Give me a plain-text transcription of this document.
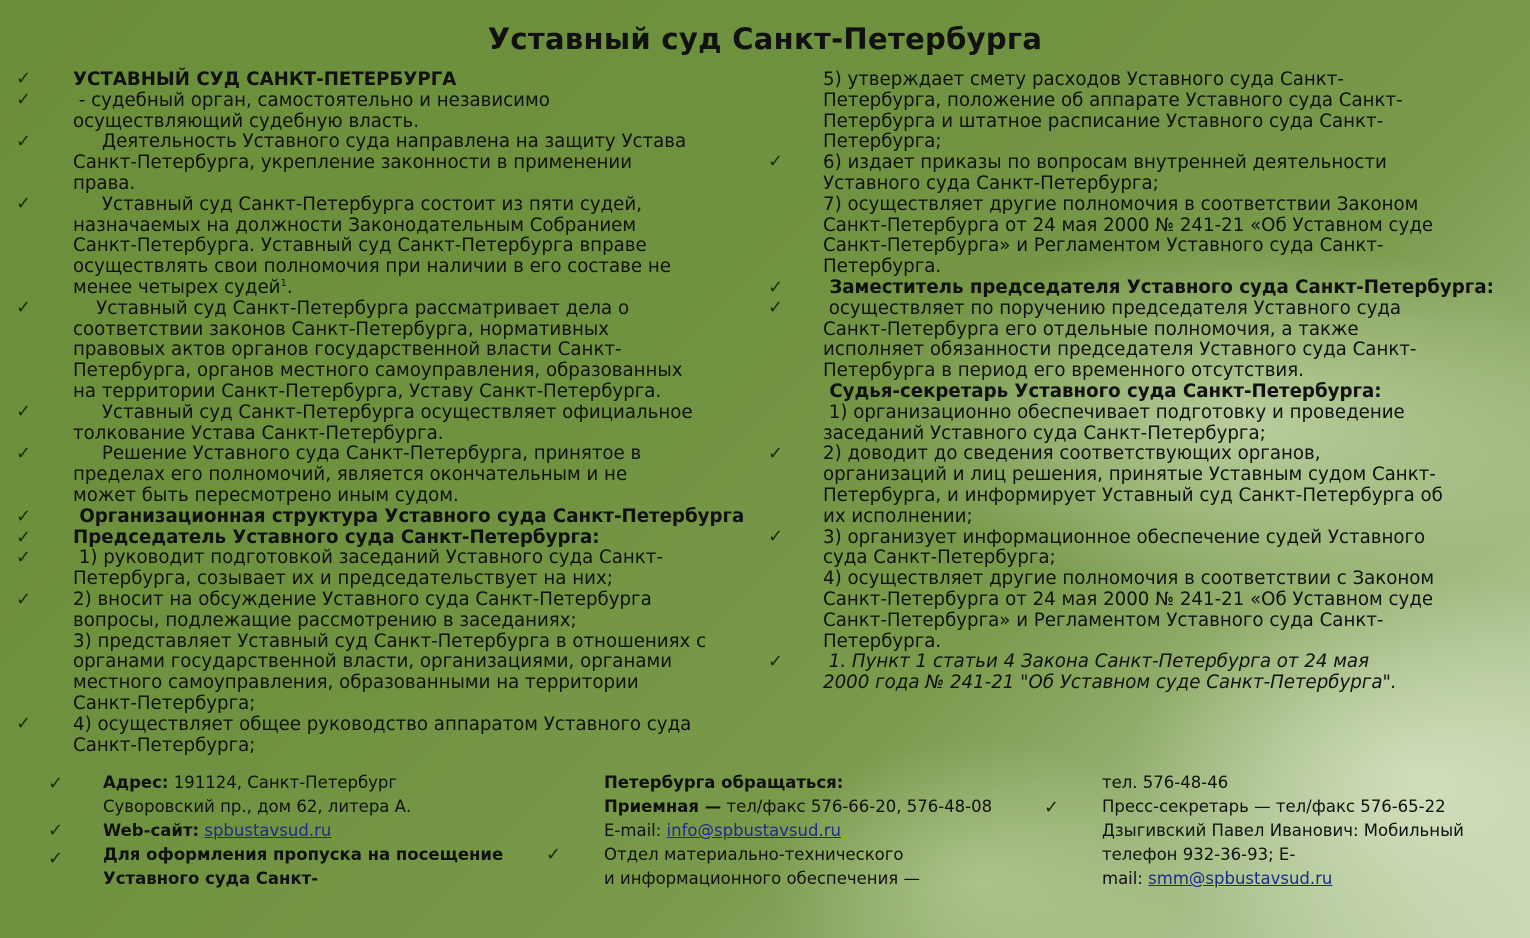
Уставный суд Санкт-Петербурга
✓
✓
✓
✓
✓
✓
✓
✓
✓
✓
✓
✓
✓
✓
✓
✓
✓
✓
УСТАВНЫЙ СУД САНКТ-ПЕТЕРБУРГА
- судебный орган, самостоятельно и независимо
осуществляющий судебную власть.
Деятельность Уставного суда направлена на защиту Устава
Санкт-Петербурга, укрепление законности в применении
права.
Уставный суд Санкт-Петербурга состоит из пяти судей,
назначаемых на должности Законодательным Собранием
Санкт-Петербурга. Уставный суд Санкт-Петербурга вправе
осуществлять свои полномочия при наличии в его составе не
менее четырех судей$^1$.
Уставный суд Санкт-Петербурга рассматривает дела о
соответствии законов Санкт-Петербурга, нормативных
правовых актов органов государственной власти Санкт-
Петербурга, органов местного самоуправления, образованных
на территории Санкт-Петербурга, Уставу Санкт-Петербурга.
Уставный суд Санкт-Петербурга осуществляет официальное
толкование Устава Санкт-Петербурга.
Решение Уставного суда Санкт-Петербурга, принятое в
пределах его полномочий, является окончательным и не
может быть пересмотрено иным судом.
Организационная структура Уставного суда Санкт-Петербурга
Председатель Уставного суда Санкт-Петербурга:
1) руководит подготовкой заседаний Уставного суда Санкт-
Петербурга, созывает их и председательствует на них;
2) вносит на обсуждение Уставного суда Санкт-Петербурга
вопросы, подлежащие рассмотрению в заседаниях;
3) представляет Уставный суд Санкт-Петербурга в отношениях с
органами государственной власти, организациями, органами
местного самоуправления, образованными на территории
Санкт-Петербурга;
4) осуществляет общее руководство аппаратом Уставного суда
Санкт-Петербурга;
5) утверждает смету расходов Уставного суда Санкт-
Петербурга, положение об аппарате Уставного суда Санкт-
Петербурга и штатное расписание Уставного суда Санкт-
Петербурга;
6) издает приказы по вопросам внутренней деятельности
Уставного суда Санкт-Петербурга;
7) осуществляет другие полномочия в соответствии Законом
Санкт-Петербурга от 24 мая 2000 № 241-21 «Об Уставном суде
Санкт-Петербурга» и Регламентом Уставного суда Санкт-
Петербурга.
Заместитель председателя Уставного суда Санкт-Петербурга:
осуществляет по поручению председателя Уставного суда
Санкт-Петербурга его отдельные полномочия, а также
исполняет обязанности председателя Уставного суда Санкт-
Петербурга в период его временного отсутствия.
Судья-секретарь Уставного суда Санкт-Петербурга:
1) организационно обеспечивает подготовку и проведение
заседаний Уставного суда Санкт-Петербурга;
2) доводит до сведения соответствующих органов,
организаций и лиц решения, принятые Уставным судом Санкт-
Петербурга, и информирует Уставный суд Санкт-Петербурга об
их исполнении;
3) организует информационное обеспечение судей Уставного
суда Санкт-Петербурга;
4) осуществляет другие полномочия в соответствии с Законом
Санкт-Петербурга от 24 мая 2000 № 241-21 «Об Уставном суде
Санкт-Петербурга» и Регламентом Уставного суда Санкт-
Петербурга.
1. Пункт 1 статьи 4 Закона Санкт-Петербурга от 24 мая
2000 года № 241-21 "Об Уставном суде Санкт-Петербурга".
✓
✓
✓
Адрес: 191124, Санкт-Петербург
Суворовский пр., дом 62, литера А.
Web-сайт: spbustavsud.ru
Для оформления пропуска на посещение
Уставного суда Санкт-
✓
✓
Петербурга обращаться:
Приемная — тел/факс 576-66-20, 576-48-08
E-mail: info@spbustavsud.ru
Отдел материально-технического
и информационного обеспечения —
тел. 576-48-46
Пресс-секретарь — тел/факс 576-65-22
Дзыгивский Павел Иванович: Мобильный
телефон 932-36-93; E-
mail: smm@spbustavsud.ru
